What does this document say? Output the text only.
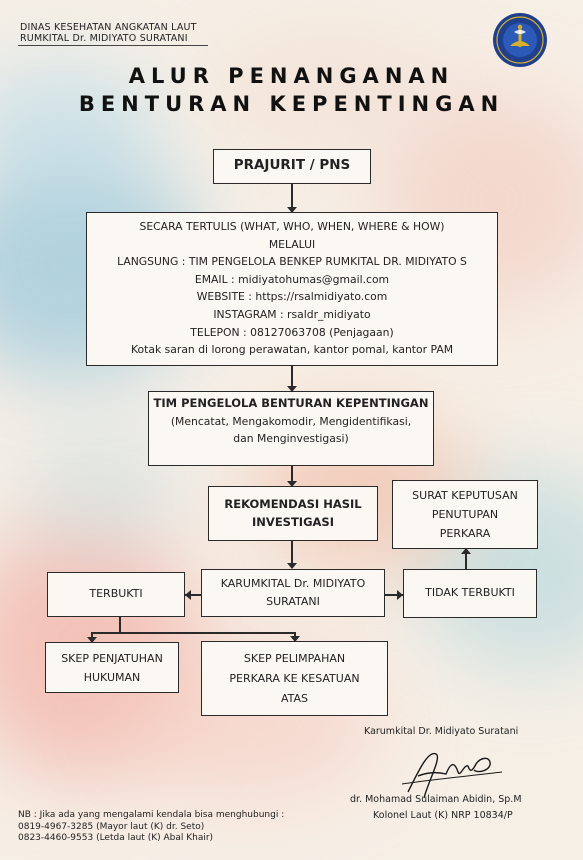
DINAS KESEHATAN ANGKATAN LAUT
RUMKITAL Dr. MIDIYATO SURATANI
ALUR PENANGANAN
BENTURAN KEPENTINGAN
PRAJURIT / PNS
SECARA TERTULIS (WHAT, WHO, WHEN, WHERE & HOW)
MELALUI
LANGSUNG : TIM PENGELOLA BENKEP RUMKITAL DR. MIDIYATO S
EMAIL : midiyatohumas@gmail.com
WEBSITE : https://rsalmidiyato.com
INSTAGRAM : rsaldr_midiyato
TELEPON : 08127063708 (Penjagaan)
Kotak saran di lorong perawatan, kantor pomal, kantor PAM
TIM PENGELOLA BENTURAN KEPENTINGAN
(Mencatat, Mengakomodir, Mengidentifikasi,
dan Menginvestigasi)
REKOMENDASI HASIL
INVESTIGASI
SURAT KEPUTUSAN
PENUTUPAN
PERKARA
TERBUKTI
KARUMKITAL Dr. MIDIYATO
SURATANI
TIDAK TERBUKTI
SKEP PENJATUHAN
HUKUMAN
SKEP PELIMPAHAN
PERKARA KE KESATUAN
ATAS
Karumkital Dr. Midiyato Suratani
dr. Mohamad Sulaiman Abidin, Sp.M
Kolonel Laut (K) NRP 10834/P
NB : Jika ada yang mengalami kendala bisa menghubungi :
0819-4967-3285 (Mayor laut (K) dr. Seto)
0823-4460-9553 (Letda laut (K) Abal Khair)
